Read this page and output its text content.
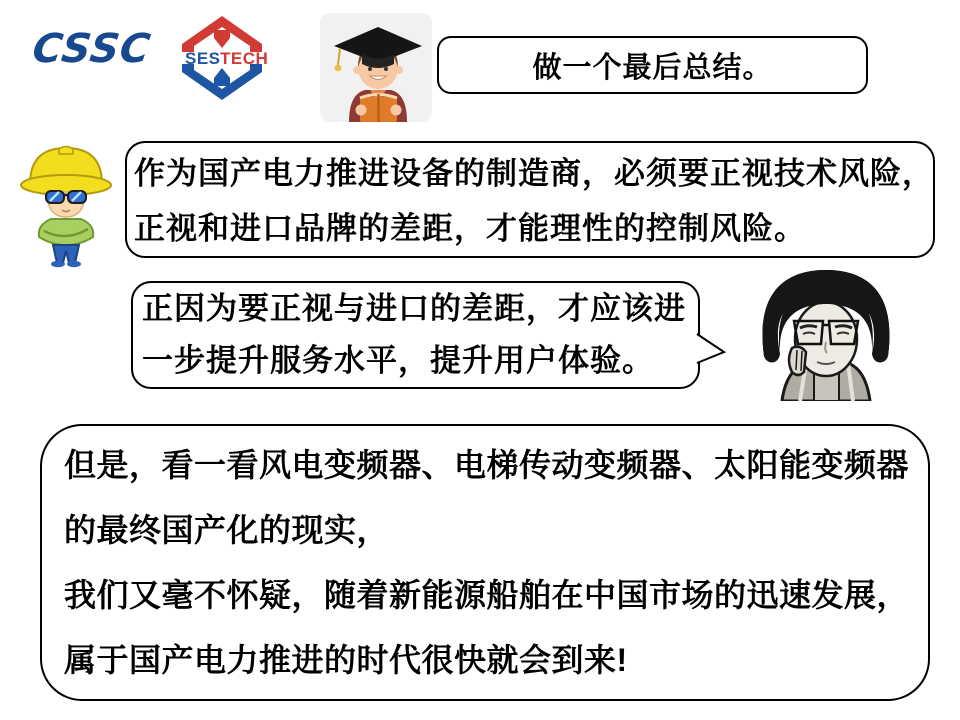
CSSC SES TECH	做一个最后总结。
作为国产电力推进设备的制造商，必须要正视技术风险，
正视和进口品牌的差距，才能理性的控制风险。
正因为要正视与进口的差距，才应该进
一步提升服务水平，提升用户体验。
但是，看一看风电变频器、电梯传动变频器、太阳能变频器
的最终国产化的现实，
我们又毫不怀疑，随着新能源船舶在中国市场的迅速发展，
属于国产电力推进的时代很快就会到来!
